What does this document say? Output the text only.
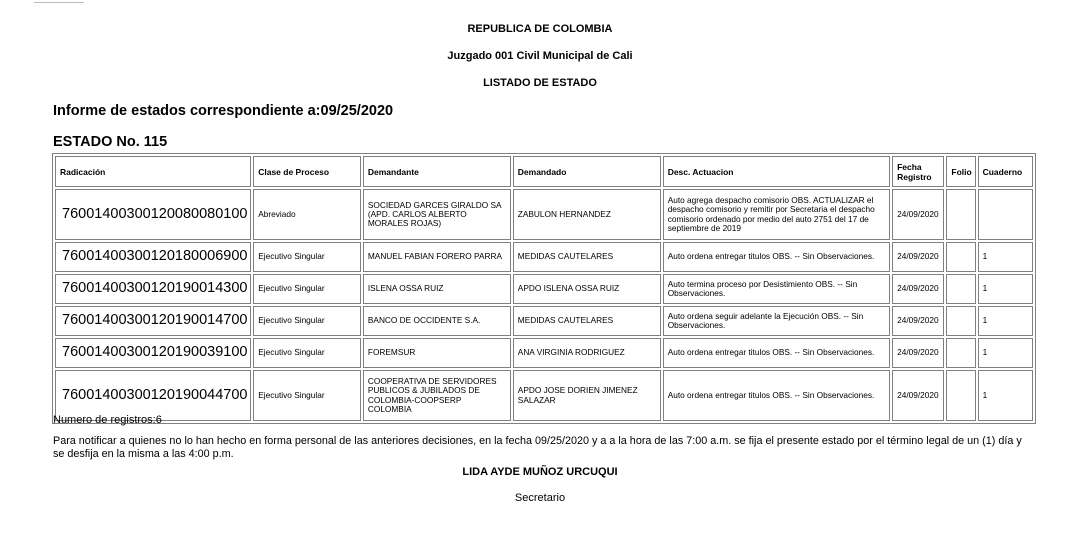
REPUBLICA DE COLOMBIA
Juzgado 001 Civil Municipal de Cali
LISTADO DE ESTADO
Informe de estados correspondiente a:09/25/2020
ESTADO No. 115
Radicación	Clase de Proceso	Demandante	Demandado	Desc. Actuacion	Fecha Registro	Folio	Cuaderno
76001400300120080080100	Abreviado	SOCIEDAD GARCES GIRALDO SA (APD. CARLOS ALBERTO MORALES ROJAS)	ZABULON HERNANDEZ	Auto agrega despacho comisorio OBS. ACTUALIZAR el despacho comisorio y remitir por Secretaria el despacho comisorio ordenado por medio del auto 2751 del 17 de septiembre de 2019	24/09/2020		
76001400300120180006900	Ejecutivo Singular	MANUEL FABIAN FORERO PARRA	MEDIDAS CAUTELARES	Auto ordena entregar titulos OBS. -- Sin Observaciones.	24/09/2020		1
76001400300120190014300	Ejecutivo Singular	ISLENA OSSA RUIZ	APDO ISLENA OSSA RUIZ	Auto termina proceso por Desistimiento OBS. -- Sin Observaciones.	24/09/2020		1
76001400300120190014700	Ejecutivo Singular	BANCO DE OCCIDENTE S.A.	MEDIDAS CAUTELARES	Auto ordena seguir adelante la Ejecución OBS. -- Sin Observaciones.	24/09/2020		1
76001400300120190039100	Ejecutivo Singular	FOREMSUR	ANA VIRGINIA RODRIGUEZ	Auto ordena entregar titulos OBS. -- Sin Observaciones.	24/09/2020		1
76001400300120190044700	Ejecutivo Singular	COOPERATIVA DE SERVIDORES PUBLICOS & JUBILADOS DE COLOMBIA-COOPSERP COLOMBIA	APDO JOSE DORIEN JIMENEZ SALAZAR	Auto ordena entregar titulos OBS. -- Sin Observaciones.	24/09/2020		1
Numero de registros:6
Para notificar a quienes no lo han hecho en forma personal de las anteriores decisiones, en la fecha 09/25/2020 y a a la hora de las 7:00 a.m. se fija el presente estado por el término legal de un (1) día y se desfija en la misma a las 4:00 p.m.
LIDA AYDE MUÑOZ URCUQUI
Secretario
